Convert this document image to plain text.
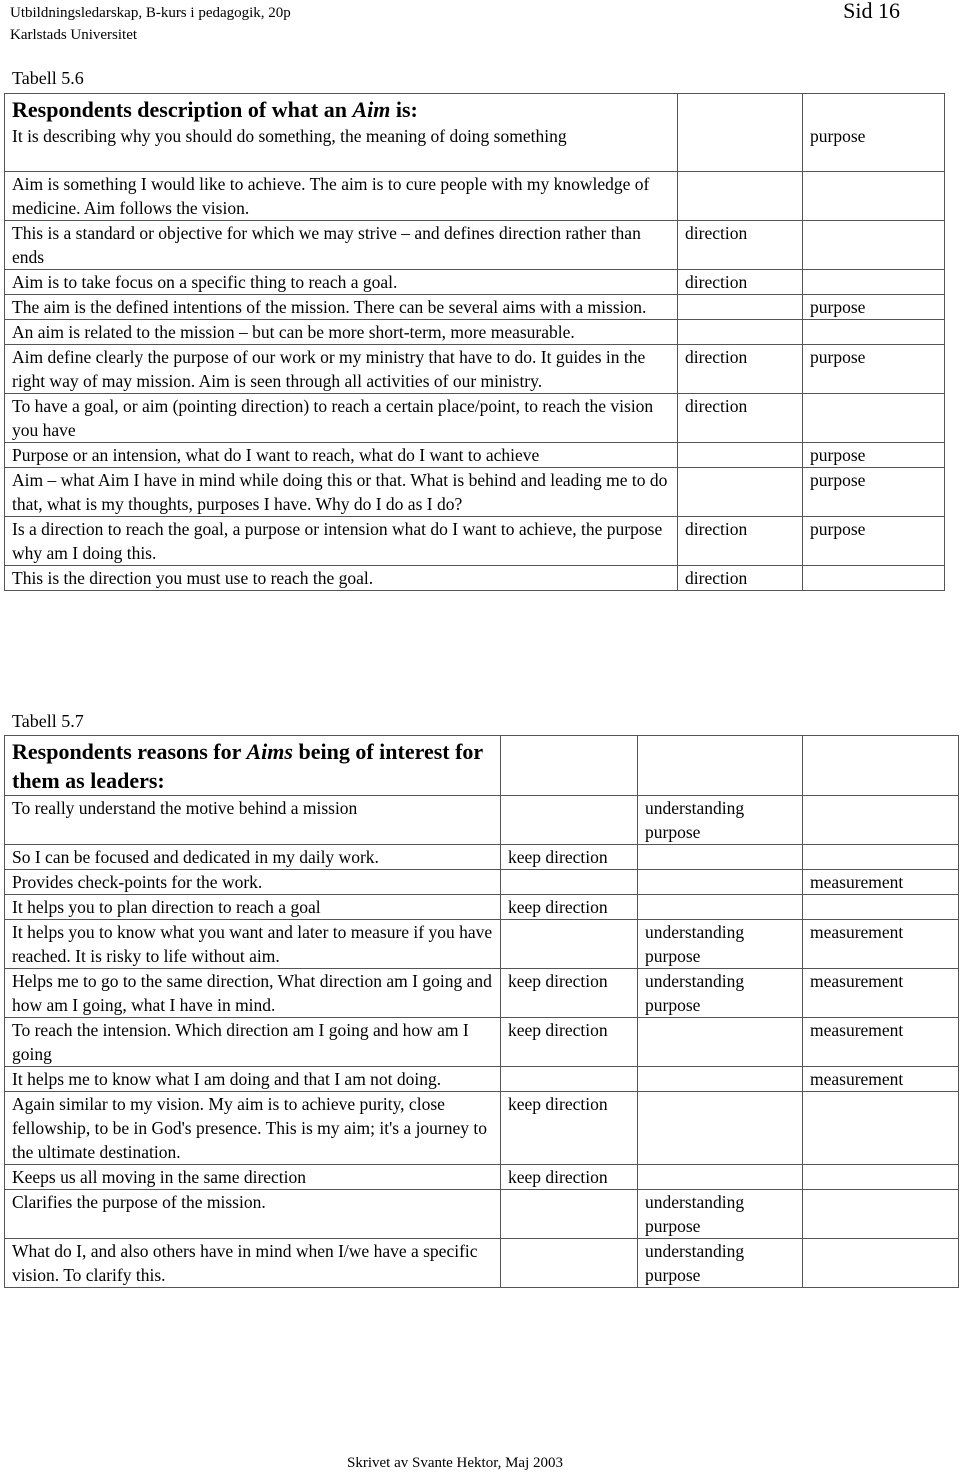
Utbildningsledarskap, B-kurs i pedagogik, 20p
Karlstads Universitet
Sid 16
Tabell 5.6
Respondents description of what an Aim is:		
It is describing why you should do something, the meaning of doing something		purpose
Aim is something I would like to achieve. The aim is to cure people with my knowledge of medicine. Aim follows the vision.		
This is a standard or objective for which we may strive – and defines direction rather than ends	direction	
Aim is to take focus on a specific thing to reach a goal.	direction	
The aim is the defined intentions of the mission. There can be several aims with a mission.		purpose
An aim is related to the mission – but can be more short-term, more measurable.		
Aim define clearly the purpose of our work or my ministry that have to do. It guides in the right way of may mission. Aim is seen through all activities of our ministry.	direction	purpose
To have a goal, or aim (pointing direction) to reach a certain place/point, to reach the vision you have	direction	
Purpose or an intension, what do I want to reach, what do I want to achieve		purpose
Aim – what Aim I have in mind while doing this or that. What is behind and leading me to do that, what is my thoughts, purposes I have. Why do I do as I do?		purpose
Is a direction to reach the goal, a purpose or intension what do I want to achieve, the purpose why am I doing this.	direction	purpose
This is the direction you must use to reach the goal.	direction	
Tabell 5.7
Respondents reasons for Aims being of interest for them as leaders:			
To really understand the motive behind a mission		understanding purpose	
So I can be focused and dedicated in my daily work.	keep direction		
Provides check-points for the work.			measurement
It helps you to plan direction to reach a goal	keep direction		
It helps you to know what you want and later to measure if you have reached. It is risky to life without aim.		understanding purpose	measurement
Helps me to go to the same direction, What direction am I going and how am I going, what I have in mind.	keep direction	understanding purpose	measurement
To reach the intension. Which direction am I going and how am I going	keep direction		measurement
It helps me to know what I am doing and that I am not doing.			measurement
Again similar to my vision. My aim is to achieve purity, close fellowship, to be in God's presence. This is my aim; it's a journey to the ultimate destination.	keep direction		
Keeps us all moving in the same direction	keep direction		
Clarifies the purpose of the mission.		understanding purpose	
What do I, and also others have in mind when I/we have a specific vision. To clarify this.		understanding purpose	
Skrivet av Svante Hektor, Maj 2003
